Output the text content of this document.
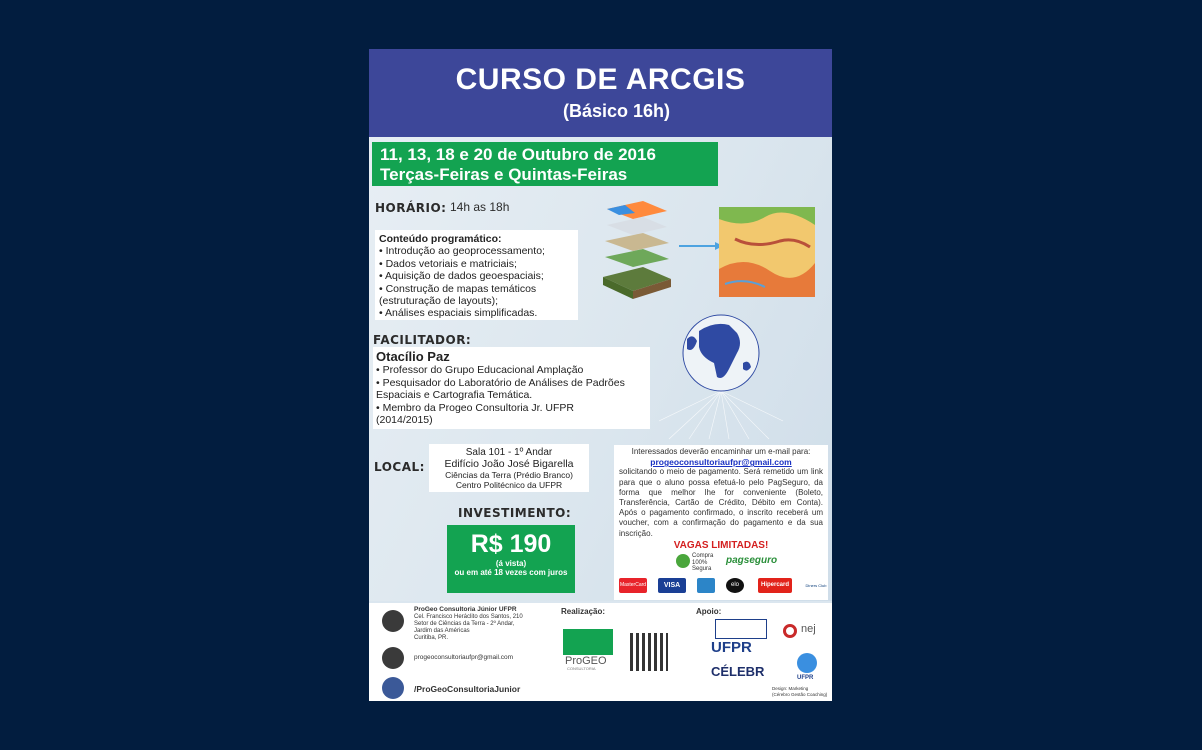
CURSO DE ARCGIS
(Básico 16h)
11, 13, 18 e 20 de Outubro de 2016
Terças-Feiras e Quintas-Feiras
HORÁRIO: 14h as 18h
Conteúdo programático:
• Introdução ao geoprocessamento;
• Dados vetoriais e matriciais;
• Aquisição de dados geoespaciais;
• Construção de mapas temáticos
(estruturação de layouts);
• Análises espaciais simplificadas.
FACILITADOR:
Otacílio Paz
• Professor do Grupo Educacional Ampla​ção
• Pesquisador do Laboratório de Análises de Padrões
Espaciais e Cartografia Temática.
• Membro da Progeo Consultoria Jr. UFPR
(2014/2015)
LOCAL:
Sala 101 - 1º Andar
Edifício João José Bigarella
Ciências da Terra (Prédio Branco)
Centro Politécnico da UFPR
INVESTIMENTO:
R$ 190
(á vista)
ou em até 18 vezes com juros
Interessados deverão encaminhar um e-mail para:
progeoconsultoriaufpr@gmail.com
solicitando o meio de pagamento. Será remetido um link para que o aluno possa efetuá-lo pelo PagSeguro, da forma que melhor lhe for conveniente (Boleto, Transferência, Cartão de Crédito, Débito em Conta). Após o pagamento confirmado, o inscrito receberá um voucher, com a confirmação do pagamento e da sua inscrição.
VAGAS LIMITADAS!
Compra 100% Segura
pagseguro
MasterCard	VISA	elo	Hipercard	Diners Club
ProGeo Consultoria Júnior UFPR
Cel. Francisco Heráclito dos Santos, 210
Setor de Ciências da Terra - 2º Andar,
Jardim das Américas
Curitiba, PR.
progeoconsultoriaufpr@gmail.com
/ProGeoConsultoriaJunior
Realização:
ProGEO
CONSULTORIA
Apoio:
UFPR
CÉLEBR
nej
UFPR
Design: Marketing
(Cérebro Gestão Coaching)
